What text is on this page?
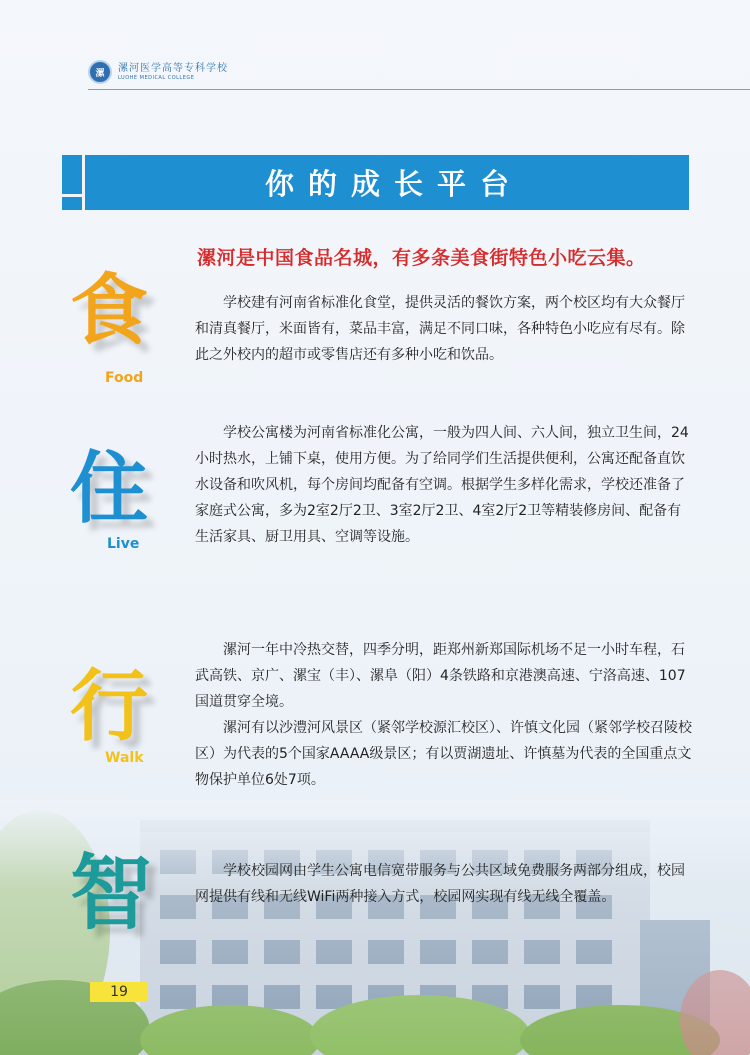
漯	漯河医学高等专科学校
LUOHE MEDICAL COLLEGE
你的成长平台
漯河是中国食品名城，有多条美食街特色小吃云集。
食
Food

学校建有河南省标准化食堂，提供灵活的餐饮方案，两个校区均有大众餐厅和清真餐厅，米面皆有，菜品丰富，满足不同口味，各种特色小吃应有尽有。除此之外校内的超市或零售店还有多种小吃和饮品。

住
Live

学校公寓楼为河南省标准化公寓，一般为四人间、六人间，独立卫生间，24小时热水，上铺下桌，使用方便。为了给同学们生活提供便利，公寓还配备直饮水设备和吹风机，每个房间均配备有空调。根据学生多样化需求，学校还准备了家庭式公寓，多为2室2厅2卫、3室2厅2卫、4室2厅2卫等精装修房间、配备有生活家具、厨卫用具、空调等设施。

行
Walk

漯河一年中冷热交替，四季分明，距郑州新郑国际机场不足一小时车程，石武高铁、京广、漯宝（丰）、漯阜（阳）4条铁路和京港澳高速、宁洛高速、107国道贯穿全境。

漯河有以沙澧河风景区（紧邻学校源汇校区）、许慎文化园（紧邻学校召陵校区）为代表的5个国家AAAA级景区；有以贾湖遗址、许慎墓为代表的全国重点文物保护单位6处7项。

智	学校校园网由学生公寓电信宽带服务与公共区域免费服务两部分组成，校园网提供有线和无线WiFi两种接入方式，校园网实现有线无线全覆盖。

19
